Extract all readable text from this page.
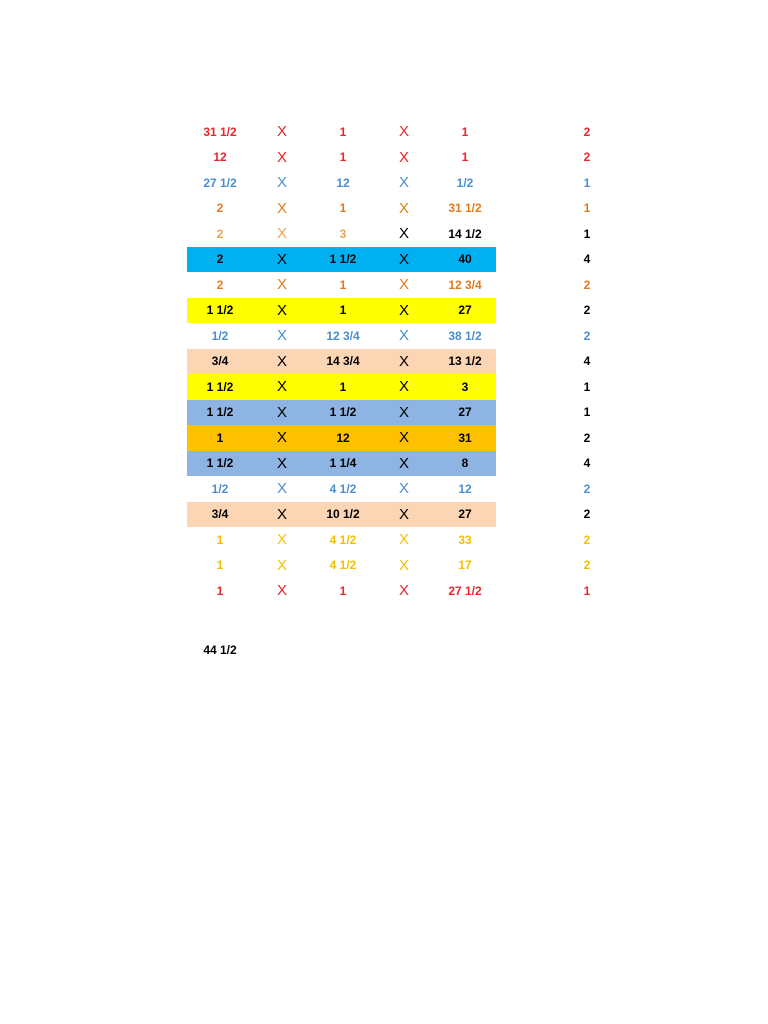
31 1/2	X	1	X	1	2
12	X	1	X	1	2
27 1/2	X	12	X	1/2	1
2	X	1	X	31 1/2	1
2	X	3	X	14 1/2	1
2	X	1 1/2	X	40	4
2	X	1	X	12 3/4	2
1 1/2	X	1	X	27	2
1/2	X	12 3/4	X	38 1/2	2
3/4	X	14 3/4	X	13 1/2	4
1 1/2	X	1	X	3	1
1 1/2	X	1 1/2	X	27	1
1	X	12	X	31	2
1 1/2	X	1 1/4	X	8	4
1/2	X	4 1/2	X	12	2
3/4	X	10 1/2	X	27	2
1	X	4 1/2	X	33	2
1	X	4 1/2	X	17	2
1	X	1	X	27 1/2	1
44 1/2
